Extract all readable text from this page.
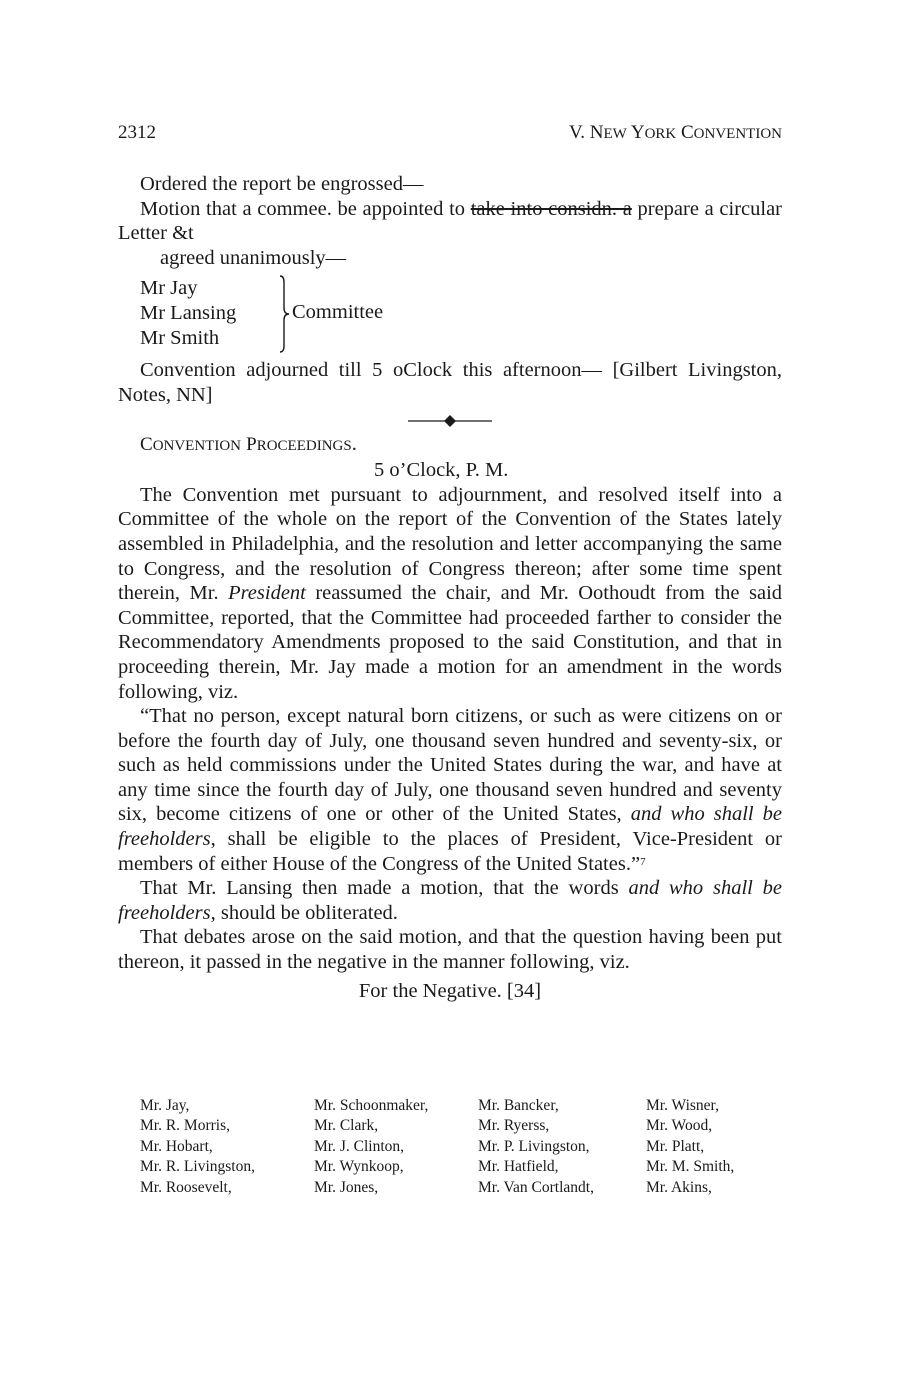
2312	V. NEW YORK CONVENTION

Ordered the report be engrossed—

Motion that a commee. be appointed to take into considn. a prepare a circular Letter &t

agreed unanimously—

Mr Jay
Mr Lansing
Mr Smith
Committee

Convention adjourned till 5 oClock this afternoon— [Gilbert Livingston, Notes, NN]

CONVENTION PROCEEDINGS.

5 o’Clock, P. M.

The Convention met pursuant to adjournment, and resolved itself into a Committee of the whole on the report of the Convention of the States lately assembled in Philadelphia, and the resolution and letter accompanying the same to Congress, and the resolution of Congress thereon; after some time spent therein, Mr. President reassumed the chair, and Mr. Oothoudt from the said Committee, reported, that the Committee had proceeded farther to consider the Recommendatory Amendments proposed to the said Constitution, and that in proceeding therein, Mr. Jay made a motion for an amendment in the words following, viz.

“That no person, except natural born citizens, or such as were citizens on or before the fourth day of July, one thousand seven hundred and seventy-six, or such as held commissions under the United States during the war, and have at any time since the fourth day of July, one thousand seven hundred and seventy six, become citizens of one or other of the United States, and who shall be freeholders, shall be eligible to the places of President, Vice-President or members of either House of the Congress of the United States.”$^7$

That Mr. Lansing then made a motion, that the words and who shall be freeholders, should be obliterated.

That debates arose on the said motion, and that the question having been put thereon, it passed in the negative in the manner following, viz.

For the Negative. [34]

Mr. Jay,
Mr. R. Morris,
Mr. Hobart,
Mr. R. Livingston,
Mr. Roosevelt,
Mr. Schoonmaker,
Mr. Clark,
Mr. J. Clinton,
Mr. Wynkoop,
Mr. Jones,
Mr. Bancker,
Mr. Ryerss,
Mr. P. Livingston,
Mr. Hatfield,
Mr. Van Cortlandt,
Mr. Wisner,
Mr. Wood,
Mr. Platt,
Mr. M. Smith,
Mr. Akins,
